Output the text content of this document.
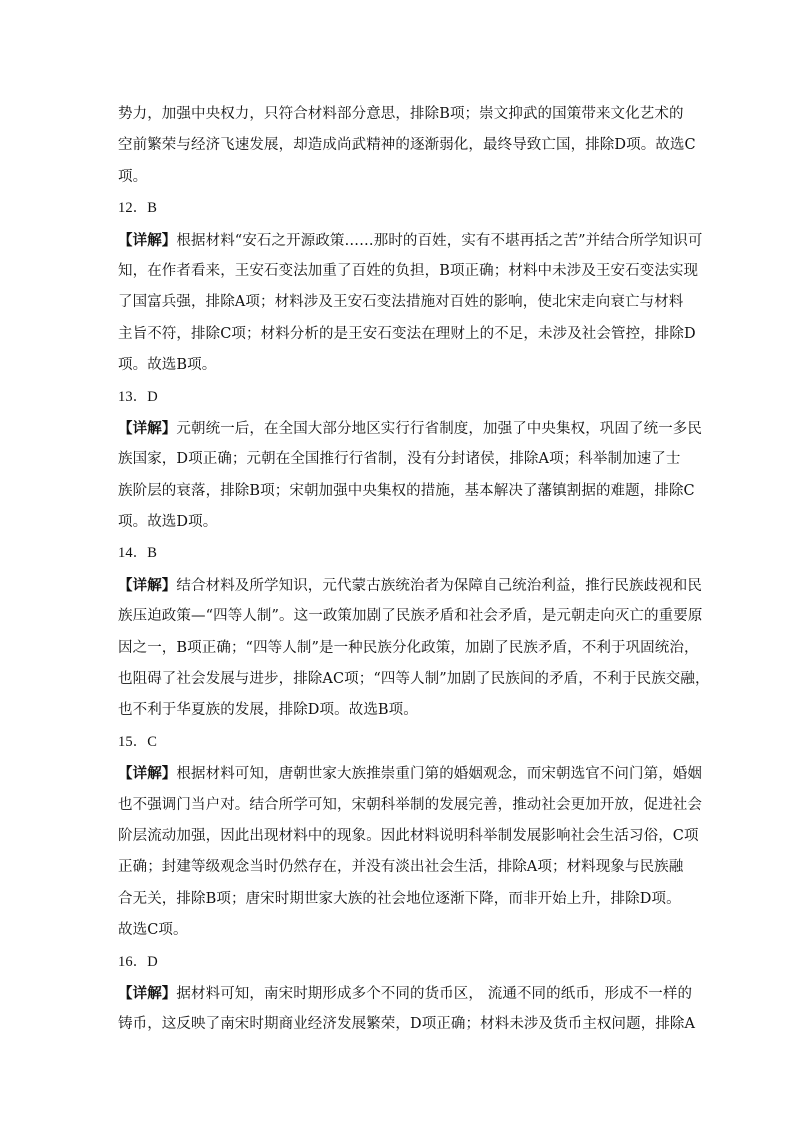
势力，加强中央权力，只符合材料部分意思，排除B项；崇文抑武的国策带来文化艺术的
空前繁荣与经济飞速发展，却造成尚武精神的逐渐弱化，最终导致亡国，排除D项。故选C
项。
12．B
【详解】根据材料“安石之开源政策……那时的百姓，实有不堪再括之苦”并结合所学知识可
知，在作者看来，王安石变法加重了百姓的负担，B项正确；材料中未涉及王安石变法实现
了国富兵强，排除A项；材料涉及王安石变法措施对百姓的影响，使北宋走向衰亡与材料
主旨不符，排除C项；材料分析的是王安石变法在理财上的不足，未涉及社会管控，排除D
项。故选B项。
13．D
【详解】元朝统一后，在全国大部分地区实行行省制度，加强了中央集权，巩固了统一多民
族国家，D项正确；元朝在全国推行行省制，没有分封诸侯，排除A项；科举制加速了士
族阶层的衰落，排除B项；宋朝加强中央集权的措施，基本解决了藩镇割据的难题，排除C
项。故选D项。
14．B
【详解】结合材料及所学知识，元代蒙古族统治者为保障自己统治利益，推行民族歧视和民
族压迫政策—“四等人制”。这一政策加剧了民族矛盾和社会矛盾，是元朝走向灭亡的重要原
因之一，B项正确；“四等人制”是一种民族分化政策，加剧了民族矛盾，不利于巩固统治，
也阻碍了社会发展与进步，排除AC项；“四等人制”加剧了民族间的矛盾，不利于民族交融，
也不利于华夏族的发展，排除D项。故选B项。
15．C
【详解】根据材料可知，唐朝世家大族推崇重门第的婚姻观念，而宋朝选官不问门第，婚姻
也不强调门当户对。结合所学可知，宋朝科举制的发展完善，推动社会更加开放，促进社会
阶层流动加强，因此出现材料中的现象。因此材料说明科举制发展影响社会生活习俗，C项
正确；封建等级观念当时仍然存在，并没有淡出社会生活，排除A项；材料现象与民族融
合无关，排除B项；唐宋时期世家大族的社会地位逐渐下降，而非开始上升，排除D项。
故选C项。
16．D
【详解】据材料可知，南宋时期形成多个不同的货币区， 流通不同的纸币，形成不一样的
铸币，这反映了南宋时期商业经济发展繁荣，D项正确；材料未涉及货币主权问题，排除A
